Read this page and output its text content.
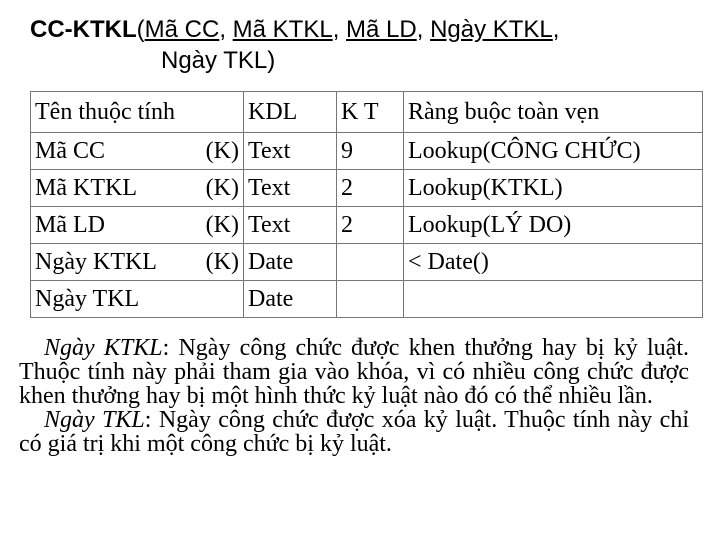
CC-KTKL(Mã CC, Mã KTKL, Mã LD, Ngày KTKL,
Ngày TKL)
Tên thuộc tính	KDL	K T	Ràng buộc toàn vẹn

Mã CC (K)	Text	9	Lookup(CÔNG CHỨC)

Mã KTKL (K)	Text	2	Lookup(KTKL)

Mã LD (K)	Text	2	Lookup(LÝ DO)

Ngày KTKL (K)	Date		< Date()

Ngày TKL	Date		

Ngày KTKL: Ngày công chức được khen thưởng hay bị kỷ luật. Thuộc tính này phải tham gia vào khóa, vì có nhiều công chức được khen thưởng hay bị một hình thức kỷ luật nào đó có thể nhiều lần.

Ngày TKL: Ngày công chức được xóa kỷ luật. Thuộc tính này chỉ có giá trị khi một công chức bị kỷ luật.
